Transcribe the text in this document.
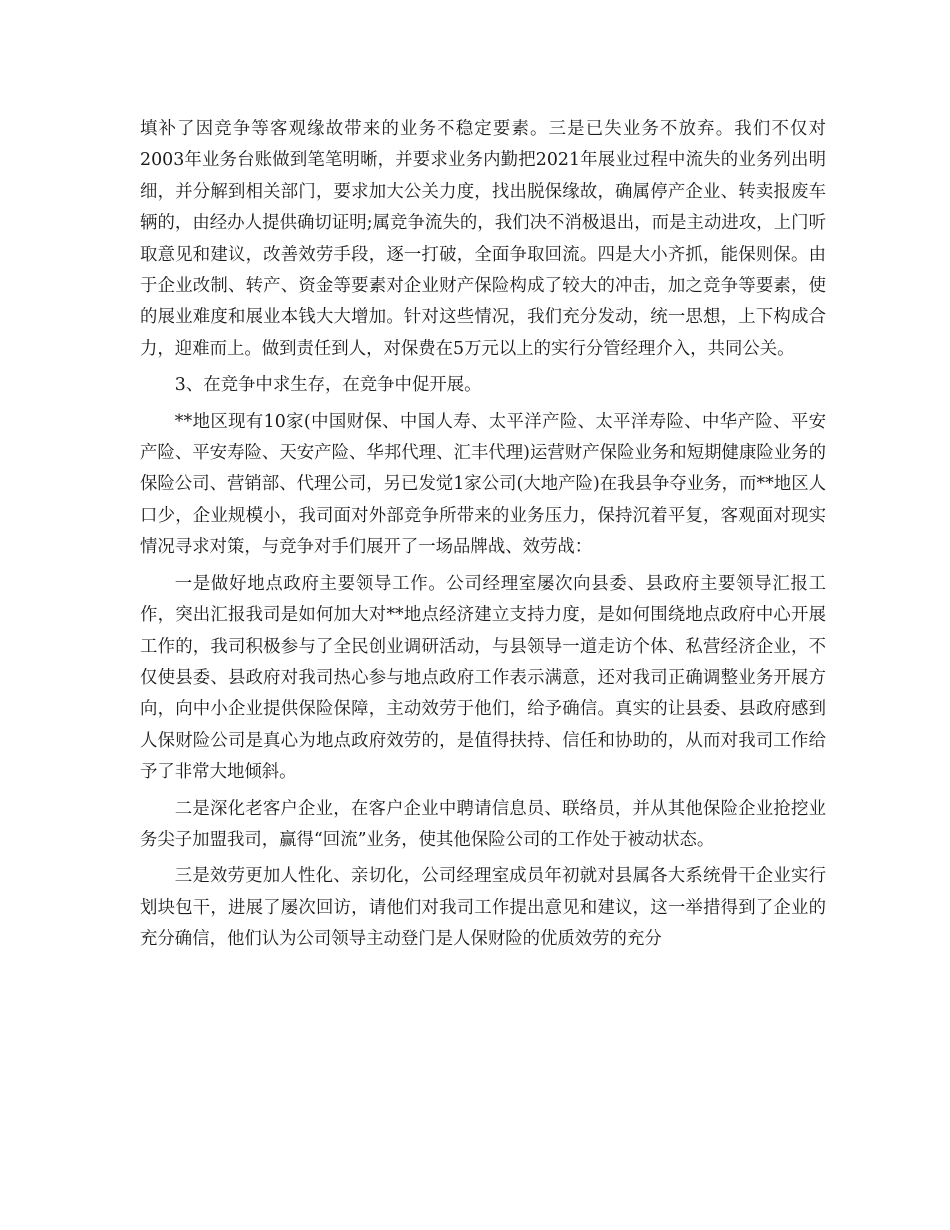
填补了因竞争等客观缘故带来的业务不稳定要素。三是已失业务不放弃。我们不仅对2003年业务台账做到笔笔明晰，并要求业务内勤把2021年展业过程中流失的业务列出明细，并分解到相关部门，要求加大公关力度，找出脱保缘故，确属停产企业、转卖报废车辆的，由经办人提供确切证明;属竞争流失的，我们决不消极退出，而是主动进攻，上门听取意见和建议，改善效劳手段，逐一打破，全面争取回流。四是大小齐抓，能保则保。由于企业改制、转产、资金等要素对企业财产保险构成了较大的冲击，加之竞争等要素，使的展业难度和展业本钱大大增加。针对这些情况，我们充分发动，统一思想，上下构成合力，迎难而上。做到责任到人，对保费在5万元以上的实行分管经理介入，共同公关。

3、在竞争中求生存，在竞争中促开展。

**地区现有10家(中国财保、中国人寿、太平洋产险、太平洋寿险、中华产险、平安产险、平安寿险、天安产险、华邦代理、汇丰代理)运营财产保险业务和短期健康险业务的保险公司、营销部、代理公司，另已发觉1家公司(大地产险)在我县争夺业务，而**地区人口少，企业规模小，我司面对外部竞争所带来的业务压力，保持沉着平复，客观面对现实情况寻求对策，与竞争对手们展开了一场品牌战、效劳战：

一是做好地点政府主要领导工作。公司经理室屡次向县委、县政府主要领导汇报工作，突出汇报我司是如何加大对**地点经济建立支持力度，是如何围绕地点政府中心开展工作的，我司积极参与了全民创业调研活动，与县领导一道走访个体、私营经济企业，不仅使县委、县政府对我司热心参与地点政府工作表示满意，还对我司正确调整业务开展方向，向中小企业提供保险保障，主动效劳于他们，给予确信。真实的让县委、县政府感到人保财险公司是真心为地点政府效劳的，是值得扶持、信任和协助的，从而对我司工作给予了非常大地倾斜。

二是深化老客户企业，在客户企业中聘请信息员、联络员，并从其他保险企业抢挖业务尖子加盟我司，赢得“回流”业务，使其他保险公司的工作处于被动状态。

三是效劳更加人性化、亲切化，公司经理室成员年初就对县属各大系统骨干企业实行划块包干，进展了屡次回访，请他们对我司工作提出意见和建议，这一举措得到了企业的充分确信，他们认为公司领导主动登门是人保财险的优质效劳的充分
